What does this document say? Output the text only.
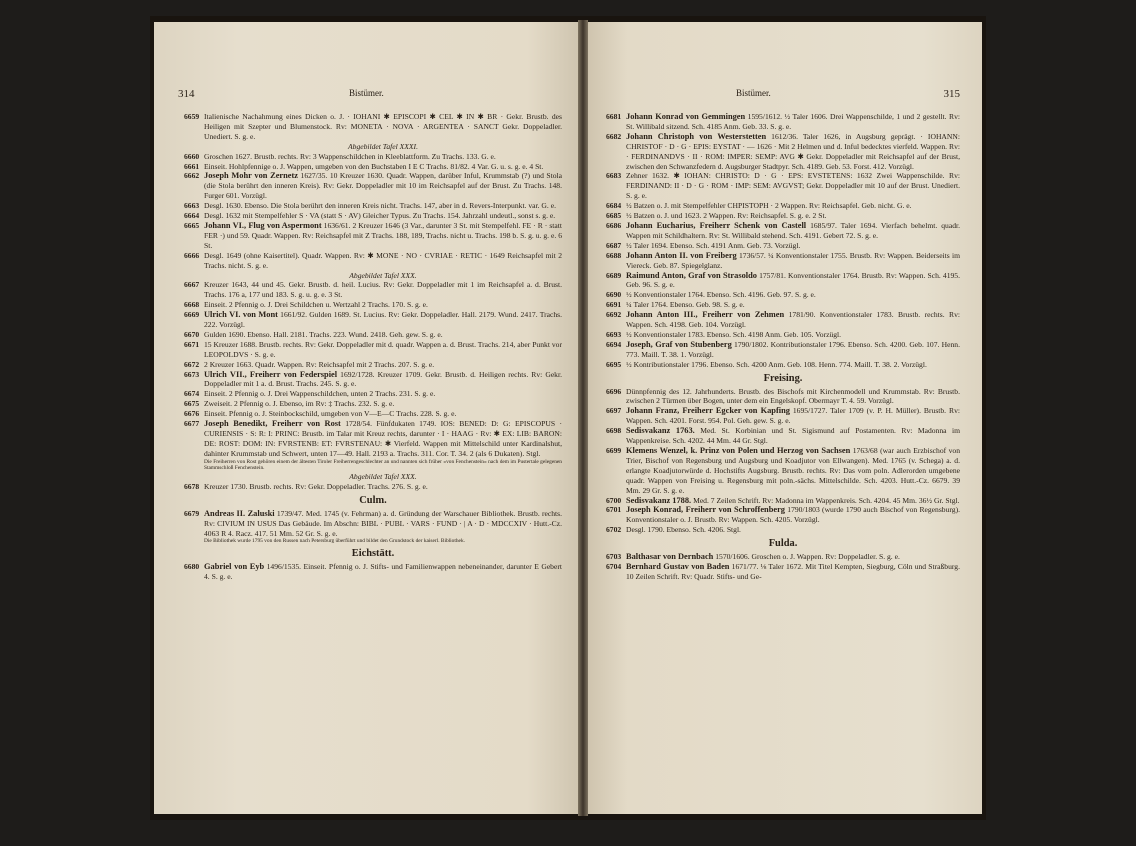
314	Bistümer.

6659 Italienische Nachahmung eines Dicken o. J. · IOHANI ✱ EPISCOPI ✱ CEL ✱ IN ✱ BR · Gekr. Brustb. des Heiligen mit Szepter und Blumenstock. Rv: MONETA · NOVA · ARGENTEA · SANCT Gekr. Doppeladler. Unediert. S. g. e.
Abgebildet Tafel XXXI.

6660 Groschen 1627. Brustb. rechts. Rv: 3 Wappenschildchen in Kleeblattform. Zu Trachs. 133. G. e.

6661 Einseit. Hohlpfennige o. J. Wappen, umgeben von den Buchstaben I E C Trachs. 81/82. 4 Var. G. u. s. g. e. 4 St.

6662 Joseph Mohr von Zernetz 1627/35. 10 Kreuzer 1630. Quadr. Wappen, darüber Inful, Krummstab (?) und Stola (die Stola berührt den inneren Kreis). Rv: Gekr. Doppeladler mit 10 im Reichsapfel auf der Brust. Zu Trachs. 148. Furger 601. Vorzügl.

6663 Desgl. 1630. Ebenso. Die Stola berührt den inneren Kreis nicht. Trachs. 147, aber in d. Revers-Interpunkt. var. G. e.

6664 Desgl. 1632 mit Stempelfehler S · VA (statt S · AV) Gleicher Typus. Zu Trachs. 154. Jahrzahl undeutl., sonst s. g. e.

6665 Johann VI., Flug von Aspermont 1636/61. 2 Kreuzer 1646 (3 Var., darunter 3 St. mit Stempelfehl. FE · R · statt FER ·) und 59. Quadr. Wappen. Rv: Reichsapfel mit Z Trachs. 188, 189, Trachs. nicht u. Trachs. 198 b. S. g. u. g. e. 6 St.

6666 Desgl. 1649 (ohne Kaisertitel). Quadr. Wappen. Rv: ✱ MONE · NO · CVRIAE · RETIC · 1649 Reichsapfel mit 2 Trachs. nicht. S. g. e.
Abgebildet Tafel XXX.

6667 Kreuzer 1643, 44 und 45. Gekr. Brustb. d. heil. Lucius. Rv: Gekr. Doppeladler mit 1 im Reichsapfel a. d. Brust. Trachs. 176 a, 177 und 183. S. g. u. g. e. 3 St.

6668 Einseit. 2 Pfennig o. J. Drei Schildchen u. Wertzahl 2 Trachs. 170. S. g. e.

6669 Ulrich VI. von Mont 1661/92. Gulden 1689. St. Lucius. Rv: Gekr. Doppeladler. Hall. 2179. Wund. 2417. Trachs. 222. Vorzügl.

6670 Gulden 1690. Ebenso. Hall. 2181. Trachs. 223. Wund. 2418. Geh. gew. S. g. e.

6671 15 Kreuzer 1688. Brustb. rechts. Rv: Gekr. Doppeladler mit d. quadr. Wappen a. d. Brust. Trachs. 214, aber Punkt vor LEOPOLDVS · S. g. e.

6672 2 Kreuzer 1663. Quadr. Wappen. Rv: Reichsapfel mit 2 Trachs. 207. S. g. e.

6673 Ulrich VII., Freiherr von Federspiel 1692/1728. Kreuzer 1709. Gekr. Brustb. d. Heiligen rechts. Rv: Gekr. Doppeladler mit 1 a. d. Brust. Trachs. 245. S. g. e.

6674 Einseit. 2 Pfennig o. J. Drei Wappenschildchen, unten 2 Trachs. 231. S. g. e.

6675 Zweiseit. 2 Pfennig o. J. Ebenso, im Rv: ‡ Trachs. 232. S. g. e.

6676 Einseit. Pfennig o. J. Steinbockschild, umgeben von V—E—C Trachs. 228. S. g. e.

6677 Joseph Benedikt, Freiherr von Rost 1728/54. Fünfdukaten 1749. IOS: BENED: D: G: EPISCOPUS · CURIENSIS · S: R: I: PRINC: Brustb. im Talar mit Kreuz rechts, darunter · I · HAAG · Rv: ✱ EX: LIB: BARON: DE: ROST: DOM: IN: FVRSTENB: ET: FVRSTENAU: ✱ Vierfeld. Wappen mit Mittelschild unter Kardinalshut, dahinter Krummstab und Schwert, unten 17—49. Hall. 2193 a. Trachs. 311. Cor. T. 34. 2 (als 6 Dukaten). Stgl.
Die Freiherren von Rost gehören einem der ältesten Tiroler Freiherrengeschlechter an und nannten sich früher »von Fenchenstein« nach dem im Pustertale gelegenen Stammschloß Fenchenstein.
Abgebildet Tafel XXX.

6678 Kreuzer 1730. Brustb. rechts. Rv: Gekr. Doppeladler. Trachs. 276. S. g. e.

Culm.

6679 Andreas II. Zaluski 1739/47. Med. 1745 (v. Fehrman) a. d. Gründung der Warschauer Bibliothek. Brustb. rechts. Rv: CIVIUM IN USUS Das Gebäude. Im Abschn: BIBL · PUBL · VARS · FUND · | A · D · MDCCXIV · Hutt.-Cz. 4063 R 4. Racz. 417. 51 Mm. 52 Gr. S. g. e.
Die Bibliothek wurde 1795 von den Russen nach Petersburg überführt und bildet den Grundstock der kaiserl. Bibliothek.

Eichstätt.

6680 Gabriel von Eyb 1496/1535. Einseit. Pfennig o. J. Stifts- und Familienwappen nebeneinander, darunter E Gebert 4. S. g. e.

Bistümer.	315

6681 Johann Konrad von Gemmingen 1595/1612. ½ Taler 1606. Drei Wappenschilde, 1 und 2 gestellt. Rv: St. Willibald sitzend. Sch. 4185 Anm. Geb. 33. S. g. e.

6682 Johann Christoph von Westerstetten 1612/36. Taler 1626, in Augsburg geprägt. · IOHANN: CHRISTOF · D · G · EPIS: EYSTAT · — 1626 · Mit 2 Helmen und d. Inful bedecktes vierfeld. Wappen. Rv: · FERDINANDVS · II · ROM: IMPER: SEMP: AVG ✱ Gekr. Doppeladler mit Reichsapfel auf der Brust, zwischen den Schwanzfedern d. Augsburger Stadtpyr. Sch. 4189. Geb. 53. Forst. 412. Vorzügl.

6683 Zehner 1632. ✱ IOHAN: CHRISTO: D · G · EPS: EVSTETENS: 1632 Zwei Wappenschilde. Rv: FERDINAND: II · D · G · ROM · IMP: SEM: AVGVST; Gekr. Doppeladler mit 10 auf der Brust. Unediert. S. g. e.

6684 ½ Batzen o. J. mit Stempelfehler CHPISTOPH · 2 Wappen. Rv: Reichsapfel. Geb. nicht. G. e.

6685 ½ Batzen o. J. und 1623. 2 Wappen. Rv: Reichsapfel. S. g. e. 2 St.

6686 Johann Eucharius, Freiherr Schenk von Castell 1685/97. Taler 1694. Vierfach behelmt. quadr. Wappen mit Schildhaltern. Rv: St. Willibald stehend. Sch. 4191. Gebert 72. S. g. e.

6687 ½ Taler 1694. Ebenso. Sch. 4191 Anm. Geb. 73. Vorzügl.

6688 Johann Anton II. von Freiberg 1736/57. ¼ Konventionstaler 1755. Brustb. Rv: Wappen. Beiderseits im Viereck. Geb. 87. Spiegelglanz.

6689 Raimund Anton, Graf von Strasoldo 1757/81. Konventionstaler 1764. Brustb. Rv: Wappen. Sch. 4195. Geb. 96. S. g. e.

6690 ½ Konventionstaler 1764. Ebenso. Sch. 4196. Geb. 97. S. g. e.

6691 ¼ Taler 1764. Ebenso. Geb. 98. S. g. e.

6692 Johann Anton III., Freiherr von Zehmen 1781/90. Konventionstaler 1783. Brustb. rechts. Rv: Wappen. Sch. 4198. Geb. 104. Vorzügl.

6693 ½ Konventionstaler 1783. Ebenso. Sch. 4198 Anm. Geb. 105. Vorzügl.

6694 Joseph, Graf von Stubenberg 1790/1802. Kontributionstaler 1796. Ebenso. Sch. 4200. Geb. 107. Henn. 773. Maill. T. 38. 1. Vorzügl.

6695 ½ Kontributionstaler 1796. Ebenso. Sch. 4200 Anm. Geb. 108. Henn. 774. Maill. T. 38. 2. Vorzügl.

Freising.

6696 Dünnpfennig des 12. Jahrhunderts. Brustb. des Bischofs mit Kirchenmodell und Krummstab. Rv: Brustb. zwischen 2 Türmen über Bogen, unter dem ein Engelskopf. Obermayr T. 4. 59. Vorzügl.

6697 Johann Franz, Freiherr Egcker von Kapfing 1695/1727. Taler 1709 (v. P. H. Müller). Brustb. Rv: Wappen. Sch. 4201. Forst. 954. Pol. Geh. gew. S. g. e.

6698 Sedisvakanz 1763. Med. St. Korbinian und St. Sigismund auf Postamenten. Rv: Madonna im Wappenkreise. Sch. 4202. 44 Mm. 44 Gr. Stgl.

6699 Klemens Wenzel, k. Prinz von Polen und Herzog von Sachsen 1763/68 (war auch Erzbischof von Trier, Bischof von Regensburg und Augsburg und Koadjutor von Ellwangen). Med. 1765 (v. Schega) a. d. erlangte Koadjutorwürde d. Hochstifts Augsburg. Brustb. rechts. Rv: Das vom poln. Adlerorden umgebene quadr. Wappen von Freising u. Regensburg mit poln.-sächs. Mittelschilde. Sch. 4203. Hutt.-Cz. 6679. 39 Mm. 29 Gr. S. g. e.

6700 Sedisvakanz 1788. Med. 7 Zeilen Schrift. Rv: Madonna im Wappenkreis. Sch. 4204. 45 Mm. 36½ Gr. Stgl.

6701 Joseph Konrad, Freiherr von Schroffenberg 1790/1803 (wurde 1790 auch Bischof von Regensburg). Konventionstaler o. J. Brustb. Rv: Wappen. Sch. 4205. Vorzügl.

6702 Desgl. 1790. Ebenso. Sch. 4206. Stgl.

Fulda.

6703 Balthasar von Dernbach 1570/1606. Groschen o. J. Wappen. Rv: Doppeladler. S. g. e.

6704 Bernhard Gustav von Baden 1671/77. ⅛ Taler 1672. Mit Titel Kempten, Siegburg, Cöln und Straßburg. 10 Zeilen Schrift. Rv: Quadr. Stifts- und Ge-
